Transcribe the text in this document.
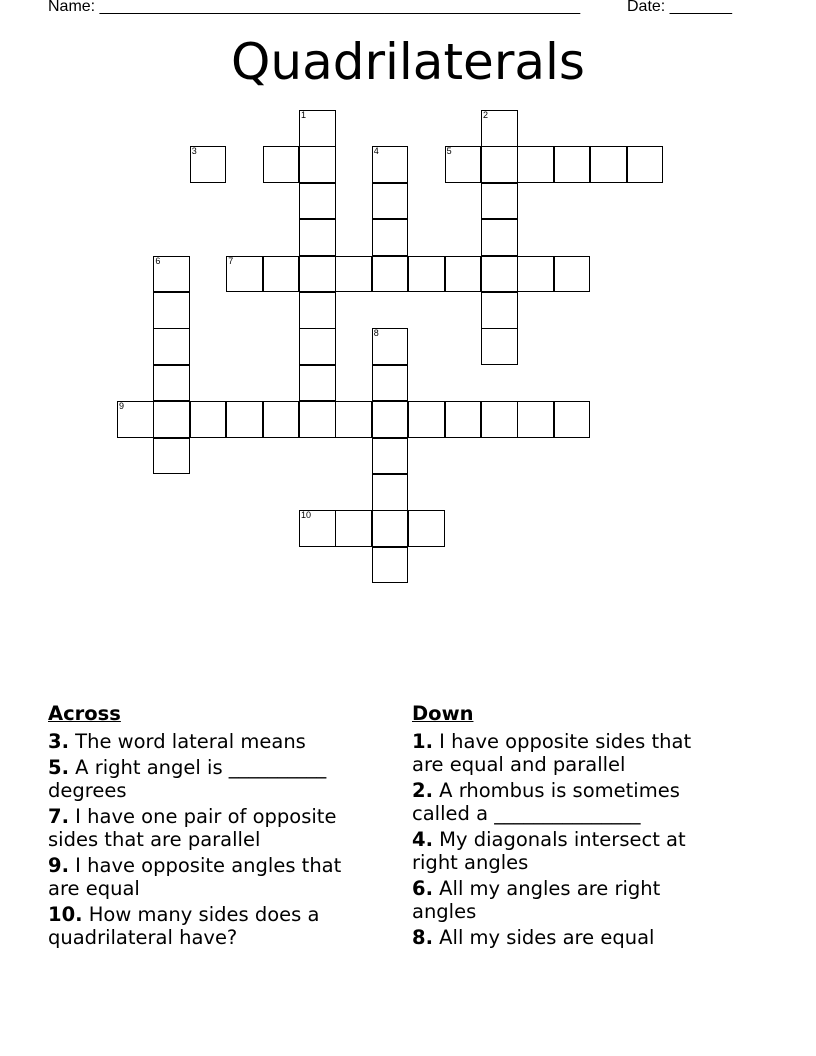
Name: ______________________________________________________	Date: _______
Quadrilaterals
1	2
3	4	5
7
8
9
10
6
Across
3. The word lateral means
5. A right angel is __________ degrees
7. I have one pair of opposite sides that are parallel
9. I have opposite angles that are equal
10. How many sides does a quadrilateral have?
Down
1. I have opposite sides that are equal and parallel
2. A rhombus is sometimes called a _______________
4. My diagonals intersect at right angles
6. All my angles are right angles
8. All my sides are equal
